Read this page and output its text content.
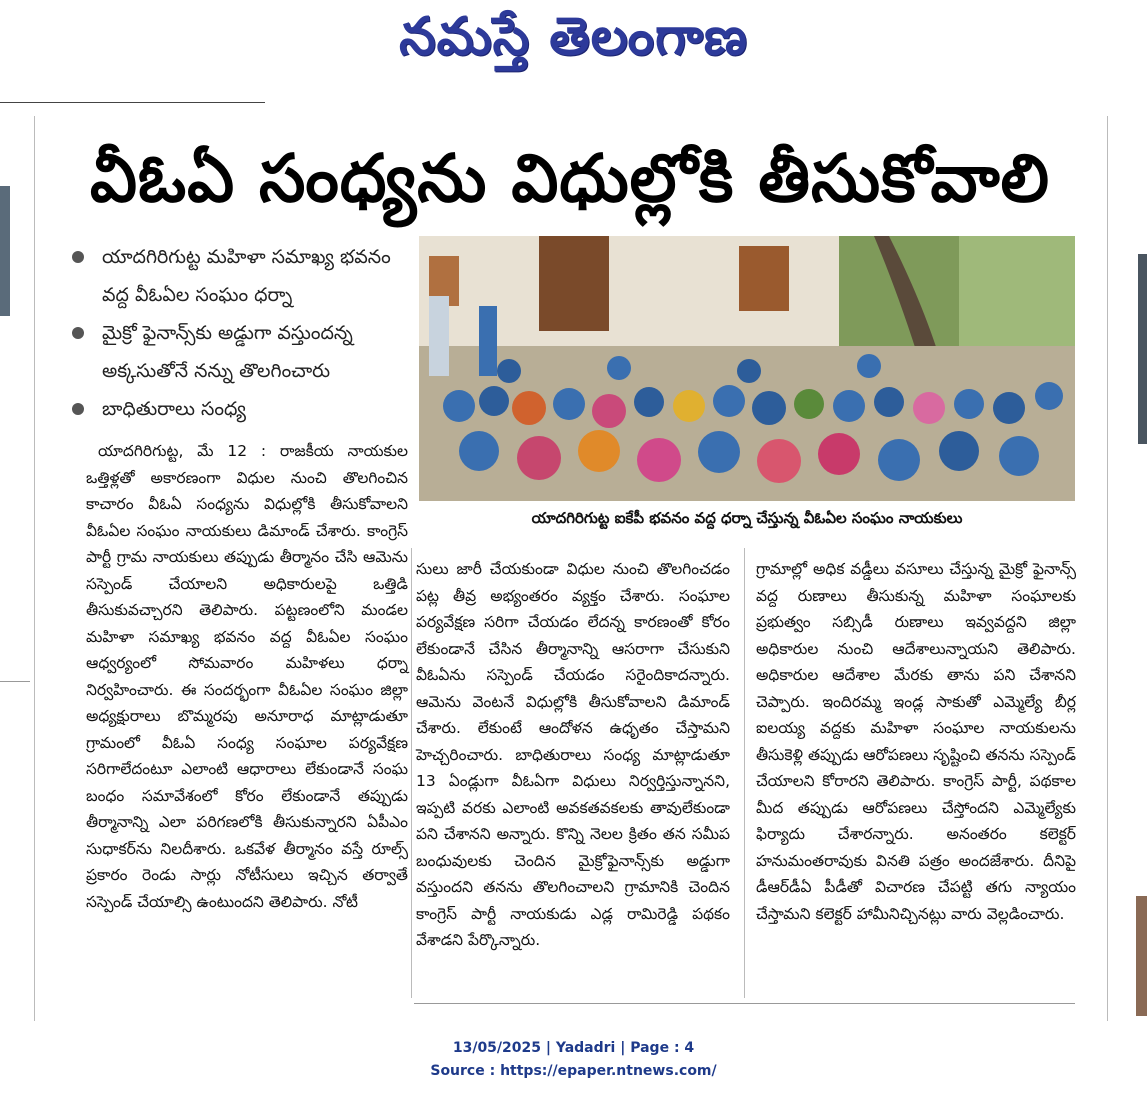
నమస్తే తెలంగాణ
వీఓఏ సంధ్యను విధుల్లోకి తీసుకోవాలి
యాదగిరిగుట్ట మహిళా సమాఖ్య భవనం వద్ద వీఓఏల సంఘం ధర్నా
మైక్రో ఫైనాన్స్‌కు అడ్డుగా వస్తుందన్న అక్కసుతోనే నన్ను తొలగించారు
బాధితురాలు సంధ్య
యాదగిరిగుట్ట ఐకేపీ భవనం వద్ద ధర్నా చేస్తున్న వీఓఏల సంఘం నాయకులు

యాదగిరిగుట్ట, మే 12 : రాజకీయ నాయకుల ఒత్తిళ్లతో అకారణంగా విధుల నుంచి తొలగించిన కాచారం వీఓఏ సంధ్యను విధుల్లోకి తీసుకోవాలని వీఓఏల సంఘం నాయకులు డిమాండ్ చేశారు. కాంగ్రెస్ పార్టీ గ్రామ నాయకులు తప్పుడు తీర్మానం చేసి ఆమెను సస్పెండ్ చేయాలని అధికారులపై ఒత్తిడి తీసుకువచ్చారని తెలిపారు. పట్టణంలోని మండల మహిళా సమాఖ్య భవనం వద్ద వీఓఏల సంఘం ఆధ్వర్యంలో సోమవారం మహిళలు ధర్నా నిర్వహించారు. ఈ సందర్భంగా వీఓఏల సంఘం జిల్లా అధ్యక్షురాలు బొమ్మరపు అనూరాధ మాట్లాడుతూ గ్రామంలో వీఓఏ సంధ్య సంఘాల పర్యవేక్షణ సరిగాలేదంటూ ఎలాంటి ఆధారాలు లేకుండానే సంఘ బంధం సమావేశంలో కోరం లేకుండానే తప్పుడు తీర్మానాన్ని ఎలా పరిగణలోకి తీసుకున్నారని ఏపీఎం సుధాకర్‌ను నిలదీశారు. ఒకవేళ తీర్మానం వస్తే రూల్స్ ప్రకారం రెండు సార్లు నోటీసులు ఇచ్చిన తర్వాతే సస్పెండ్ చేయాల్సి ఉంటుందని తెలిపారు. నోటీ

సులు జారీ చేయకుండా విధుల నుంచి తొలగించడం పట్ల తీవ్ర అభ్యంతరం వ్యక్తం చేశారు. సంఘాల పర్యవేక్షణ సరిగా చేయడం లేదన్న కారణంతో కోరం లేకుండానే చేసిన తీర్మానాన్ని ఆసరాగా చేసుకుని వీఓఏను సస్పెండ్ చేయడం సరైందికాదన్నారు. ఆమెను వెంటనే విధుల్లోకి తీసుకోవాలని డిమాండ్ చేశారు. లేకుంటే ఆందోళన ఉధృతం చేస్తామని హెచ్చరించారు. బాధితురాలు సంధ్య మాట్లాడుతూ 13 ఏండ్లుగా వీఓఏగా విధులు నిర్వర్తిస్తున్నానని, ఇప్పటి వరకు ఎలాంటి అవకతవకలకు తావులేకుండా పని చేశానని అన్నారు. కొన్ని నెలల క్రితం తన సమీప బంధువులకు చెందిన మైక్రోఫైనాన్స్‌కు అడ్డుగా వస్తుందని తనను తొలగించాలని గ్రామానికి చెందిన కాంగ్రెస్ పార్టీ నాయకుడు ఎడ్ల రామిరెడ్డి పథకం వేశాడని పేర్కొన్నారు.

గ్రామాల్లో అధిక వడ్డీలు వసూలు చేస్తున్న మైక్రో ఫైనాన్స్ వద్ద రుణాలు తీసుకున్న మహిళా సంఘాలకు ప్రభుత్వం సబ్సిడీ రుణాలు ఇవ్వవద్దని జిల్లా అధికారుల నుంచి ఆదేశాలున్నాయని తెలిపారు. అధికారుల ఆదేశాల మేరకు తాను పని చేశానని చెప్పారు. ఇందిరమ్మ ఇండ్ల సాకుతో ఎమ్మెల్యే బీర్ల ఐలయ్య వద్దకు మహిళా సంఘాల నాయకులను తీసుకెళ్లి తప్పుడు ఆరోపణలు సృష్టించి తనను సస్పెండ్ చేయాలని కోరారని తెలిపారు. కాంగ్రెస్ పార్టీ, పథకాల మీద తప్పుడు ఆరోపణలు చేస్తోందని ఎమ్మెల్యేకు ఫిర్యాదు చేశారన్నారు. అనంతరం కలెక్టర్ హనుమంతరావుకు వినతి పత్రం అందజేశారు. దీనిపై డీఆర్‌డీఏ పీడీతో విచారణ చేపట్టి తగు న్యాయం చేస్తామని కలెక్టర్ హామీనిచ్చినట్లు వారు వెల్లడించారు.

13/05/2025 | Yadadri | Page : 4
Source : https://epaper.ntnews.com/
